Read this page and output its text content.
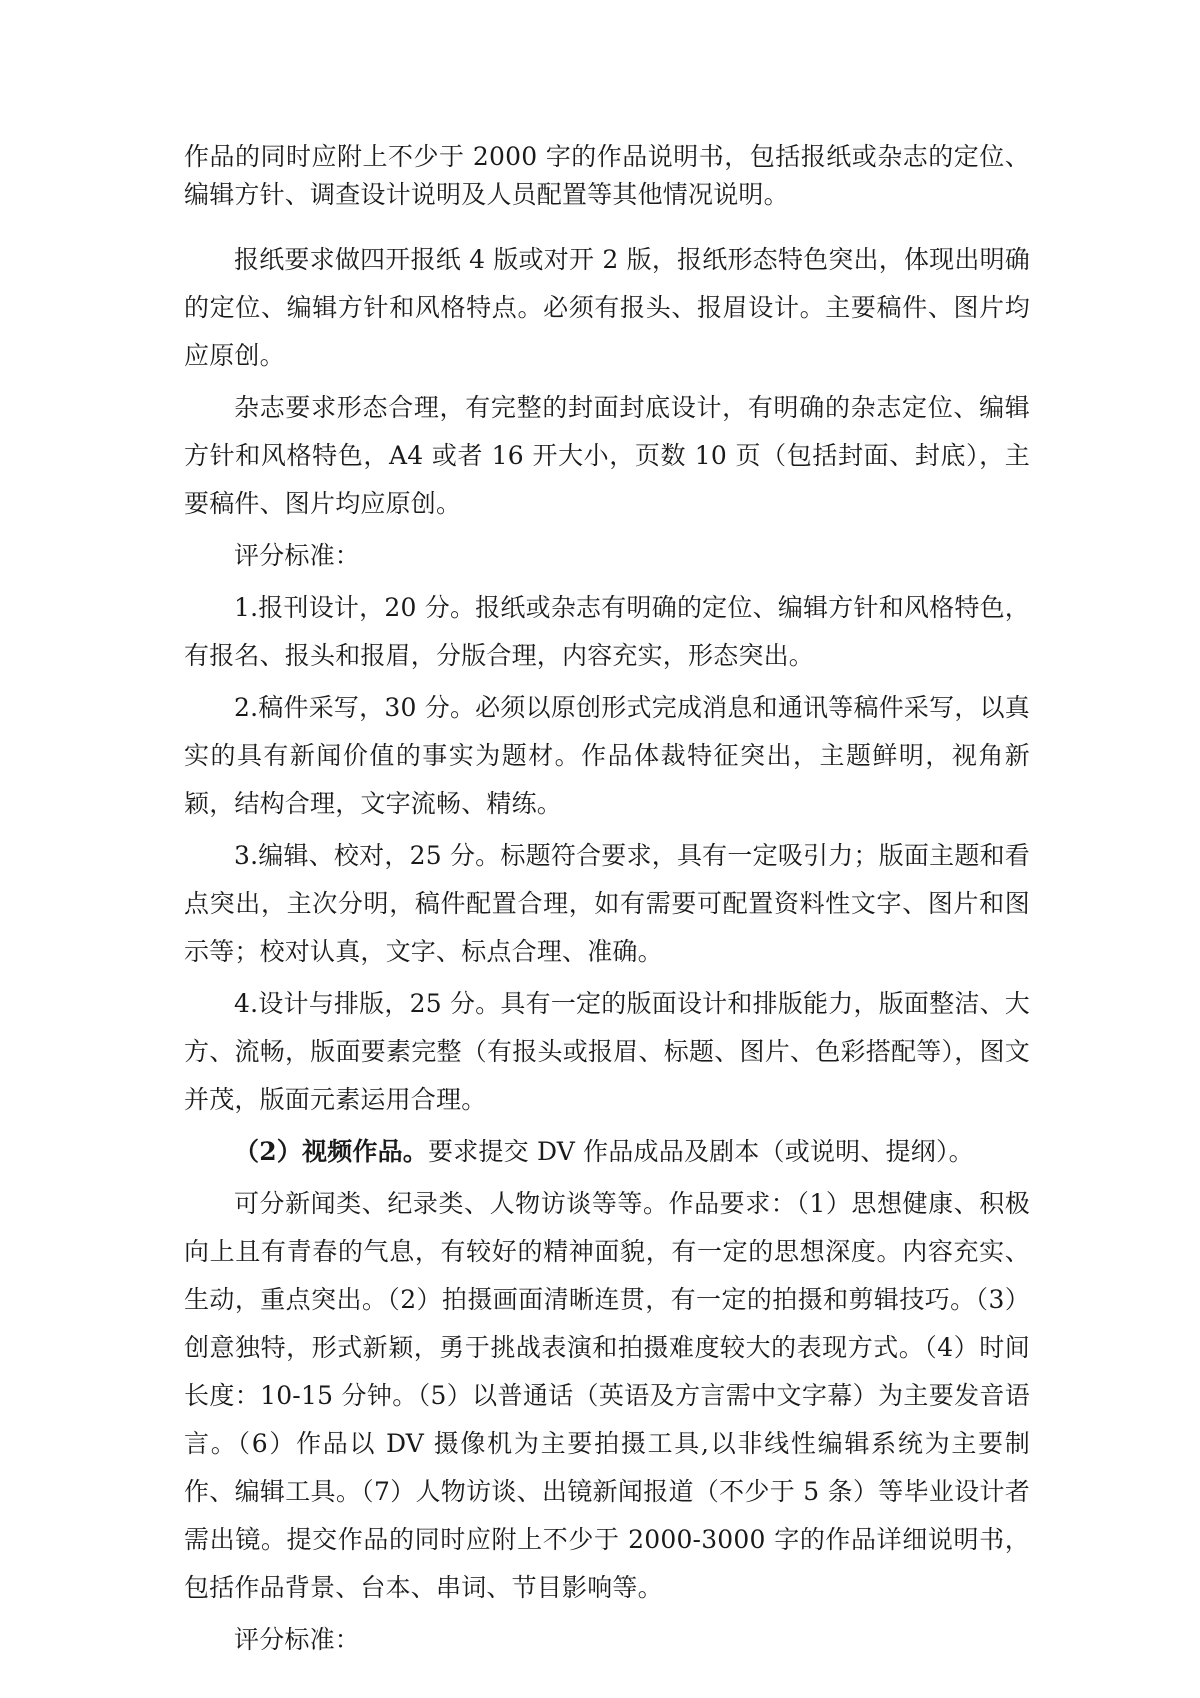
作品的同时应附上不少于 2000 字的作品说明书，包括报纸或杂志的定位、编辑方针、调查设计说明及人员配置等其他情况说明。

报纸要求做四开报纸 4 版或对开 2 版，报纸形态特色突出，体现出明确的定位、编辑方针和风格特点。必须有报头、报眉设计。主要稿件、图片均应原创。

杂志要求形态合理，有完整的封面封底设计，有明确的杂志定位、编辑方针和风格特色，A4 或者 16 开大小，页数 10 页（包括封面、封底），主要稿件、图片均应原创。

评分标准：

1.报刊设计，20 分。报纸或杂志有明确的定位、编辑方针和风格特色，有报名、报头和报眉，分版合理，内容充实，形态突出。

2.稿件采写，30 分。必须以原创形式完成消息和通讯等稿件采写，以真实的具有新闻价值的事实为题材。作品体裁特征突出，主题鲜明，视角新颖，结构合理，文字流畅、精练。

3.编辑、校对，25 分。标题符合要求，具有一定吸引力；版面主题和看点突出，主次分明，稿件配置合理，如有需要可配置资料性文字、图片和图示等；校对认真，文字、标点合理、准确。

4.设计与排版，25 分。具有一定的版面设计和排版能力，版面整洁、大方、流畅，版面要素完整（有报头或报眉、标题、图片、色彩搭配等），图文并茂，版面元素运用合理。

（2）视频作品。要求提交 DV 作品成品及剧本（或说明、提纲）。

可分新闻类、纪录类、人物访谈等等。作品要求：（1）思想健康、积极向上且有青春的气息，有较好的精神面貌，有一定的思想深度。内容充实、生动，重点突出。（2）拍摄画面清晰连贯，有一定的拍摄和剪辑技巧。（3）创意独特，形式新颖，勇于挑战表演和拍摄难度较大的表现方式。（4）时间长度：10-15 分钟。（5）以普通话（英语及方言需中文字幕）为主要发音语言。（6）作品以 DV 摄像机为主要拍摄工具,以非线性编辑系统为主要制作、编辑工具。（7）人物访谈、出镜新闻报道（不少于 5 条）等毕业设计者需出镜。提交作品的同时应附上不少于 2000-3000 字的作品详细说明书，包括作品背景、台本、串词、节目影响等。

评分标准：
